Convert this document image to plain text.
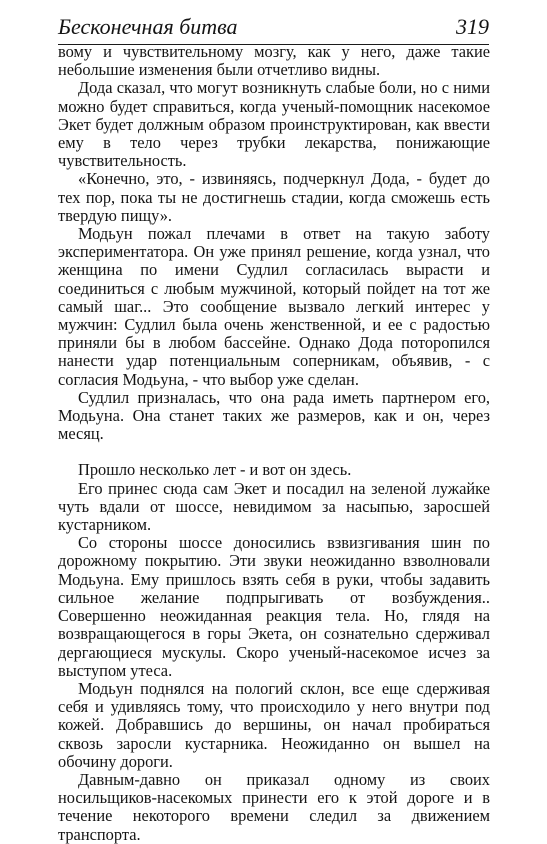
Бесконечная битва	319

вому и чувствительному мозгу, как у него, даже такие небольшие изменения были отчетливо видны.

Дода сказал, что могут возникнуть слабые боли, но с ними можно будет справиться, когда ученый-помощник насекомое Экет будет должным образом проинструктирован, как ввести ему в тело через трубки лекарства, понижающие чувствительность.

«Конечно, это, - извиняясь, подчеркнул Дода, - будет до тех пор, пока ты не достигнешь стадии, когда сможешь есть твердую пищу».

Модьун пожал плечами в ответ на такую заботу экспериментатора. Он уже принял решение, когда узнал, что женщина по имени Судлил согласилась вырасти и соединиться с любым мужчиной, который пойдет на тот же самый шаг... Это сообщение вызвало легкий интерес у мужчин: Судлил была очень женственной, и ее с радостью приняли бы в любом бассейне. Однако Дода поторопился нанести удар потенциальным соперникам, объявив, - с согласия Модьуна, - что выбор уже сделан.

Судлил призналась, что она рада иметь партнером его, Модьуна. Она станет таких же размеров, как и он, через месяц.

Прошло несколько лет - и вот он здесь.

Его принес сюда сам Экет и посадил на зеленой лужайке чуть вдали от шоссе, невидимом за насыпью, заросшей кустарником.

Со стороны шоссе доносились взвизгивания шин по дорожному покрытию. Эти звуки неожиданно взволновали Модьуна. Ему пришлось взять себя в руки, чтобы задавить сильное желание подпрыгивать от возбуждения.. Совершенно неожиданная реакция тела. Но, глядя на возвращающегося в горы Экета, он сознательно сдерживал дергающиеся мускулы. Скоро ученый-насекомое исчез за выступом утеса.

Модьун поднялся на пологий склон, все еще сдерживая себя и удивляясь тому, что происходило у него внутри под кожей. Добравшись до вершины, он начал пробираться сквозь заросли кустарника. Неожиданно он вышел на обочину дороги.

Давным-давно он приказал одному из своих носильщиков-насекомых принести его к этой дороге и в течение некоторого времени следил за движением транспорта.
